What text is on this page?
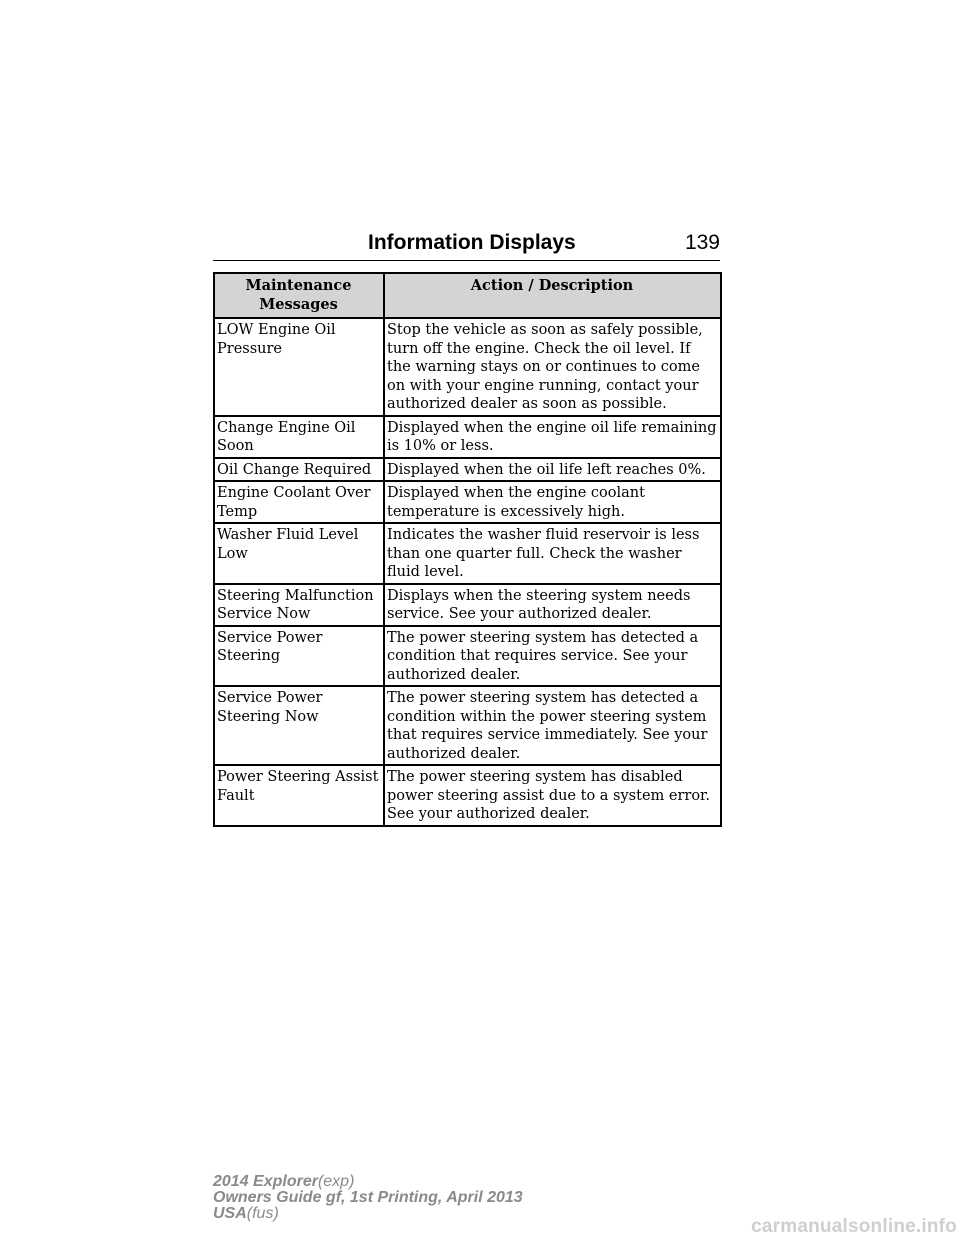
Information Displays	139
Maintenance
Messages	Action / Description
LOW Engine Oil Pressure	Stop the vehicle as soon as safely possible, turn off the engine. Check the oil level. If the warning stays on or continues to come on with your engine running, contact your authorized dealer as soon as possible.
Change Engine Oil Soon	Displayed when the engine oil life remaining is 10% or less.
Oil Change Required	Displayed when the oil life left reaches 0%.
Engine Coolant Over Temp	Displayed when the engine coolant temperature is excessively high.
Washer Fluid Level Low	Indicates the washer fluid reservoir is less than one quarter full. Check the washer fluid level.
Steering Malfunction Service Now	Displays when the steering system needs service. See your authorized dealer.
Service Power Steering	The power steering system has detected a condition that requires service. See your authorized dealer.
Service Power Steering Now	The power steering system has detected a condition within the power steering system that requires service immediately. See your authorized dealer.
Power Steering Assist Fault	The power steering system has disabled power steering assist due to a system error. See your authorized dealer.
2014 Explorer(exp)
Owners Guide gf, 1st Printing, April 2013
USA(fus)
carmanualsonline.info
